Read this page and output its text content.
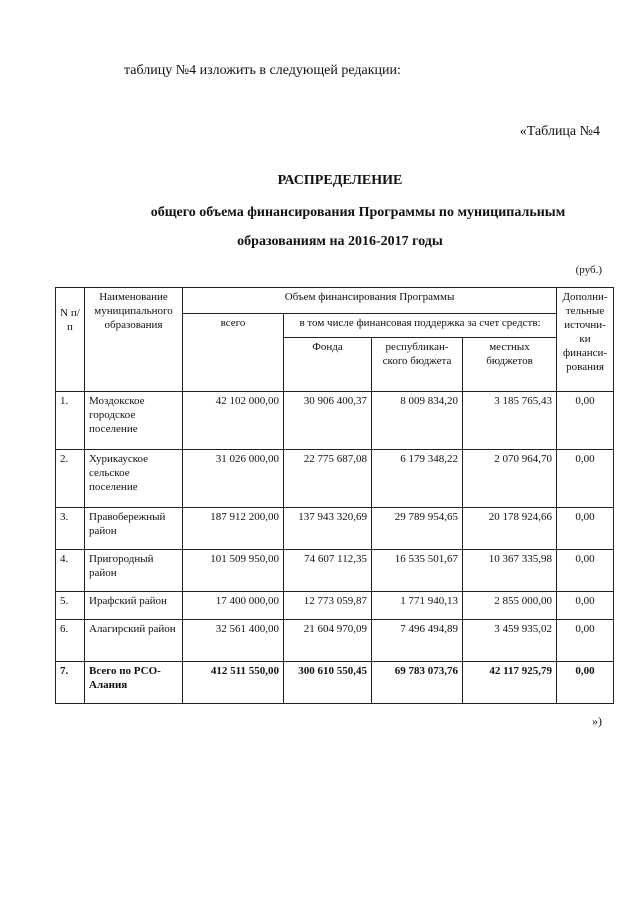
таблицу №4 изложить в следующей редакции:
«Таблица №4
РАСПРЕДЕЛЕНИЕ
общего объема финансирования Программы по муниципальным
образованиям на 2016-2017 годы
(руб.)
N п/п	Наименование муниципального образования	Объем финансирования Программы				Дополни-тельные источни-ки финанси-рования
		всего	в том числе финансовая поддержка за счет средств:			
			Фонда	республикан-ского бюджета	местных бюджетов	
1.	Моздокское городское поселение	42 102 000,00	30 906 400,37	8 009 834,20	3 185 765,43	0,00
2.	Хурикауское сельское поселение	31 026 000,00	22 775 687,08	6 179 348,22	2 070 964,70	0,00
3.	Правобережный район	187 912 200,00	137 943 320,69	29 789 954,65	20 178 924,66	0,00
4.	Пригородный район	101 509 950,00	74 607 112,35	16 535 501,67	10 367 335,98	0,00
5.	Ирафский район	17 400 000,00	12 773 059,87	1 771 940,13	2 855 000,00	0,00
6.	Алагирский район	32 561 400,00	21 604 970,09	7 496 494,89	3 459 935,02	0,00
7.	Всего по РСО-Алания	412 511 550,00	300 610 550,45	69 783 073,76	42 117 925,79	0,00
»)
